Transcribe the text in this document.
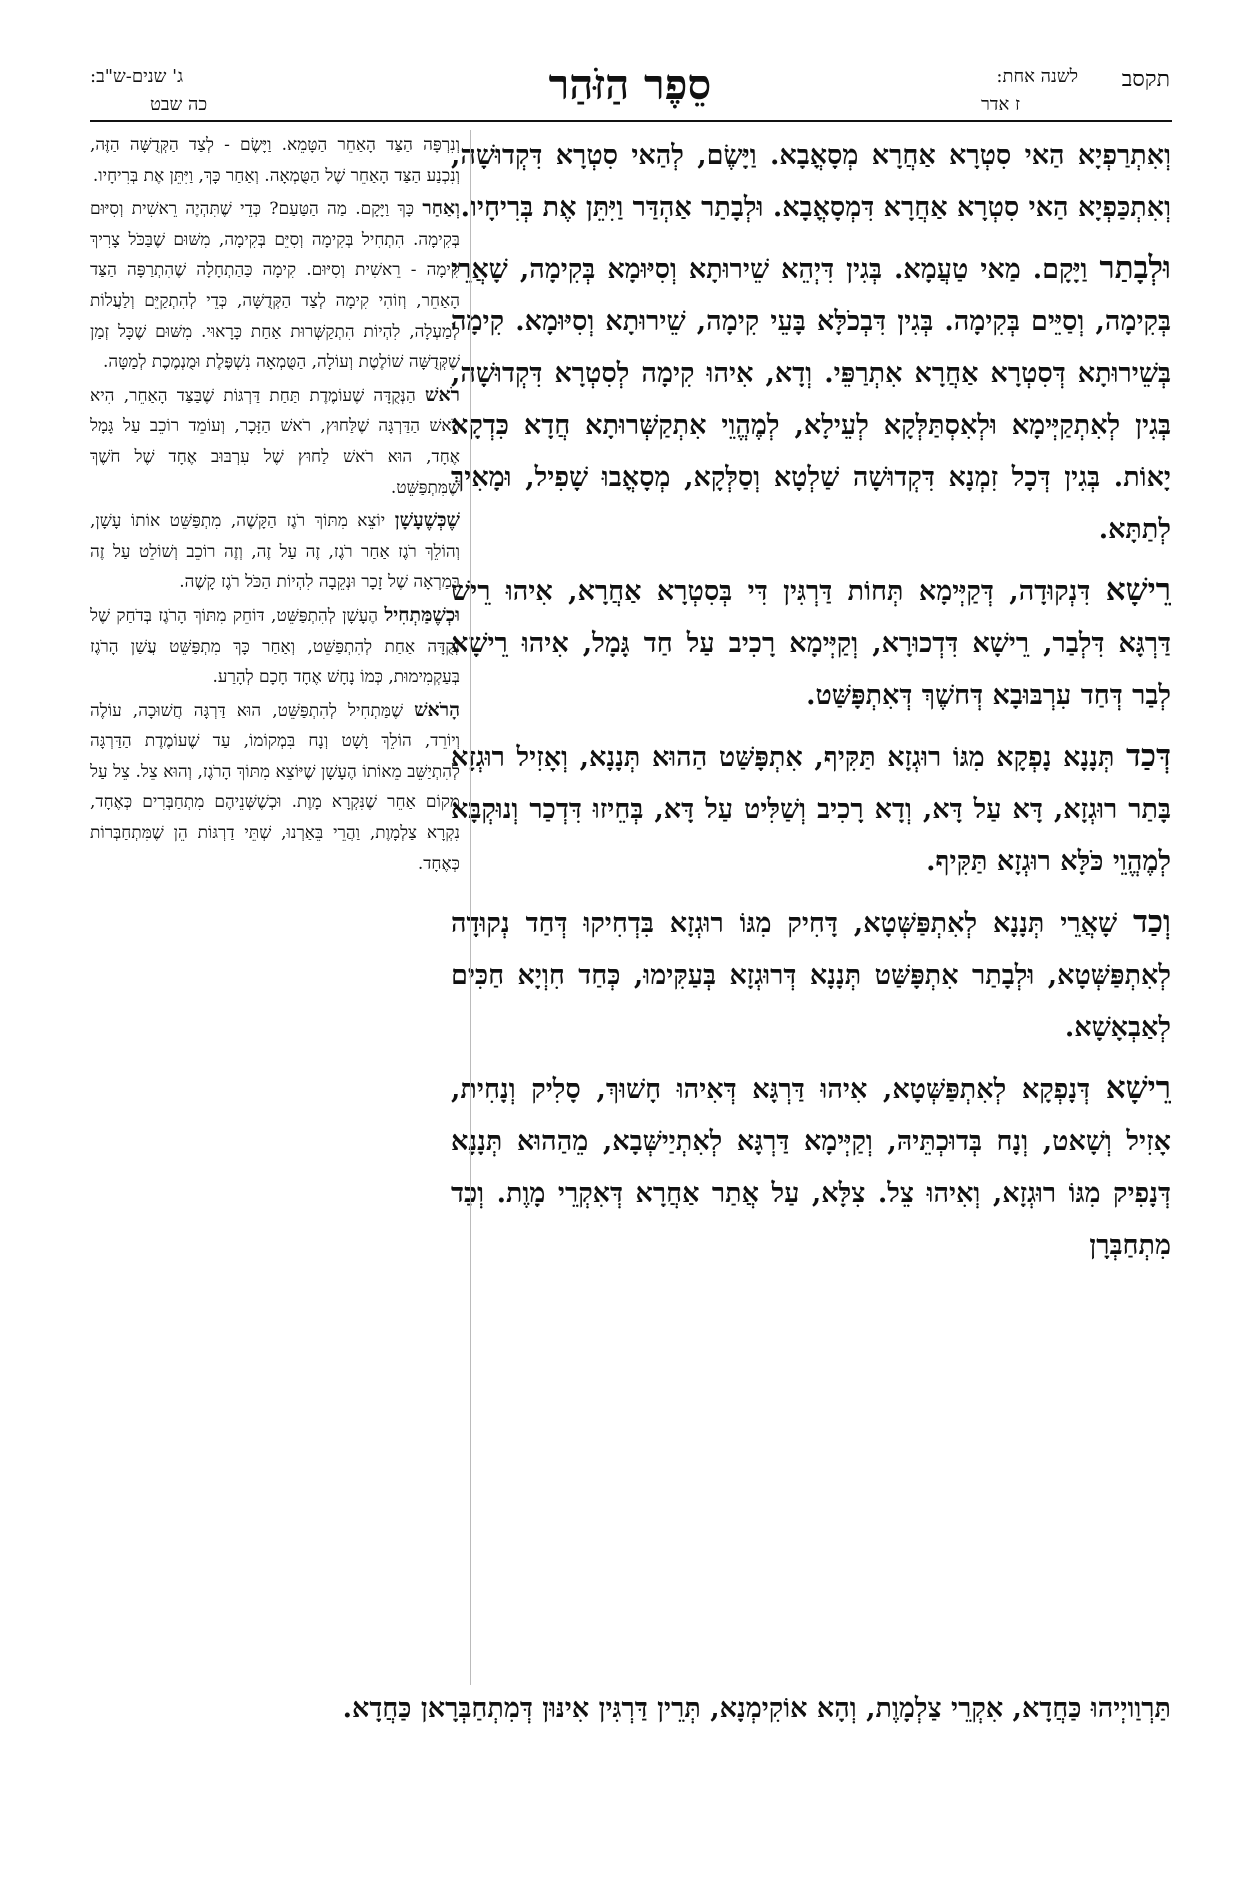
תקסב
לשנה אחת:
ז אדר
סֵפֶר הַזֹּהַר
ג' שנים-ש"ב:
כה שבט

וְאִתְרַפְיָא הַאי סִטְרָא אַחֲרָא מְסָאֳבָא. וַיָּשֶׂם, לְהַאי סִטְרָא דִּקְדוּשָׁה, וְאִתְכַּפְיָא הַאי סִטְרָא אַחֲרָא דִּמְסָאֳבָא. וּלְבָתַר אַהְדַּר וַיִּתֵּן אֶת בְּרִיחָיו.

וּלְבָתַר וַיָּקָם. מַאי טַעֲמָא. בְּגִין דִּיְהֵא שֵׁירוּתָא וְסִיּוּמָא בְּקִימָה, שָׁאֲרֵי בְּקִימָה, וְסַיֵּים בְּקִימָה. בְּגִין דִּבְכֹלָּא בָּעֵי קִימָה, שֵׁירוּתָא וְסִיּוּמָא. קִימָה בְּשֵׁירוּתָא דְּסִטְרָא אַחֲרָא אִתְרַפֵּי. וְדָא, אִיהוּ קִימָה לְסִטְרָא דִּקְדוּשָׁה, בְּגִין לְאִתְקַיְּימָא וּלְאִסְתַּלְּקָא לְעֵילָא, לְמֶהֱוֵי אִתְקַשְּׁרוּתָא חֲדָא כִּדְקָא יָאוֹת. בְּגִין דְּכָל זִמְנָא דִּקְדוּשָׁה שַׁלְטָא וְסַלְּקָא, מְסָאֳבוּ שָׁפִיל, וּמָאִיךְ לְתַתָּא.

רֵישָׁא דִּנְקוּדָה, דְּקַיְּימָא תְּחוֹת דַּרְגִּין דִּי בְּסִטְרָא אַחֲרָא, אִיהוּ רֵישׁ דַּרְגָּא דִּלְבַר, רֵישָׁא דִּדְכוּרָא, וְקַיְּימָא רָכִיב עַל חַד גָּמָל, אִיהוּ רֵישָׁא לְבַר דְּחַד עִרְבּוּבָא דְּחשֶׁךְ דְּאִתְפָּשַּׁט.

דְּכַד תְּנָנָא נָפְקָא מִגּוֹ רוּגְזָא תַּקִּיף, אִתְפָּשַּׁט הַהוּא תְּנָנָא, וְאָזִיל רוּגְזָא בָּתַר רוּגְזָא, דָּא עַל דָּא, וְדָא רָכִיב וְשַׁלִּיט עַל דָּא, בְּחֵיזוּ דִּדְכַר וְנוּקְבָּא לְמֶהֱוֵי כֹּלָּא רוּגְזָא תַּקִּיף.

וְכַד שָׁאֲרֵי תְּנָנָא לְאִתְפַּשְּׁטָא, דָּחִיק מִגּוֹ רוּגְזָא בִּדְחִיקוּ דְּחַד נְקוּדָה לְאִתְפַּשְּׁטָא, וּלְבָתַר אִתְפָּשַּׁט תְּנָנָא דְּרוּגְזָא בְּעַקִּימוּ, כְּחַד חִוְיָא חַכִּים לְאַבְאָשָׁא.

רֵישָׁא דְּנָפְקָא לְאִתְפַּשְּׁטָא, אִיהוּ דַּרְגָּא דְּאִיהוּ חָשׁוּךְ, סָלִיק וְנָחִית, אָזִיל וְשָׁאט, וְנָח בְּדוּכְתֵּיהּ, וְקַיְּימָא דַּרְגָּא לְאִתְיַישְּׁבָא, מֵהַהוּא תְּנָנָא דְּנָפִיק מִגּוֹ רוּגְזָא, וְאִיהוּ צֵל. צִלָּא, עַל אֲתַר אַחֲרָא דְּאִקְרֵי מָוֶת. וְכַד מִתְחַבְּרָן

וְנִרְפָּה הַצַּד הָאַחֵר הַטָּמֵא. וַיָּשֶׂם - לְצַד הַקְּדֻשָּׁה הַזֶּה, וְנִכְנַע הַצַּד הָאַחֵר שֶׁל הַטֻּמְאָה. וְאַחַר כָּךְ, וַיִּתֵּן אֶת בְּרִיחָיו.

וְאַחַר כָּךְ וַיָּקָם. מַה הַטַּעַם? כְּדֵי שֶׁתִּהְיֶה רֵאשִׁית וְסִיּוּם בְּקִימָה. הִתְחִיל בְּקִימָה וְסִיֵּם בְּקִימָה, מִשּׁוּם שֶׁבַּכֹּל צָרִיךְ קִימָה - רֵאשִׁית וְסִיּוּם. קִימָה כַּהַתְחָלָה שֶׁהִתְרַפָּה הַצַּד הָאַחֵר, וְזוֹהִי קִימָה לְצַד הַקְּדֻשָּׁה, כְּדֵי לְהִתְקַיֵּם וְלַעֲלוֹת לְמַעְלָה, לִהְיוֹת הִתְקַשְּׁרוּת אַחַת כָּרָאוּי. מִשּׁוּם שֶׁכָּל זְמַן שֶׁקְּדֻשָּׁה שׁוֹלֶטֶת וְעוֹלָה, הַטֻּמְאָה נִשְׁפֶּלֶת וּמֻנְמֶכֶת לְמַטָּה.

רֹאשׁ הַנְּקֻדָּה שֶׁעוֹמֶדֶת תַּחַת דַּרְגּוֹת שֶׁבַּצַּד הָאַחֵר, הִיא רֹאשׁ הַדַּרְגָּה שֶׁלַּחוּץ, רֹאשׁ הַזָּכָר, וְעוֹמֵד רוֹכֵב עַל גָּמָל אֶחָד, הוּא רֹאשׁ לַחוּץ שֶׁל עִרְבּוּב אֶחָד שֶׁל חֹשֶׁךְ שֶׁמִּתְפַּשֵּׁט.

שֶׁכְּשֶׁעָשָׁן יוֹצֵא מִתּוֹךְ רֹגֶז הַקָּשֶׁה, מִתְפַּשֵּׁט אוֹתוֹ עָשָׁן, וְהוֹלֵךְ רֹגֶז אַחַר רֹגֶז, זֶה עַל זֶה, וְזֶה רוֹכֵב וְשׁוֹלֵט עַל זֶה בְּמַרְאָה שֶׁל זָכָר וּנְקֵבָה לִהְיוֹת הַכֹּל רֹגֶז קָשֶׁה.

וּכְשֶׁמַּתְחִיל הֶעָשָׁן לְהִתְפַּשֵּׁט, דּוֹחֵק מִתּוֹךְ הָרֹגֶז בְּדֹחַק שֶׁל נְקֻדָּה אַחַת לְהִתְפַּשֵּׁט, וְאַחַר כָּךְ מִתְפַּשֵּׁט עֲשַׁן הָרֹגֶז בְּעַקְמִימוּת, כְּמוֹ נָחָשׁ אֶחָד חָכָם לְהָרַע.

הָרֹאשׁ שֶׁמַּתְחִיל לְהִתְפַּשֵּׁט, הוּא דַּרְגָּה חֲשׁוּכָה, עוֹלֶה וְיוֹרֵד, הוֹלֵךְ וָשָׁט וְנָח בִּמְקוֹמוֹ, עַד שֶׁעוֹמֶדֶת הַדַּרְגָּה לְהִתְיַשֵּׁב מֵאוֹתוֹ הֶעָשָׁן שֶׁיּוֹצֵא מִתּוֹךְ הָרֹגֶז, וְהוּא צֵל. צֵל עַל מָקוֹם אַחֵר שֶׁנִּקְרָא מָוֶת. וּכְשֶׁשְּׁנֵיהֶם מִתְחַבְּרִים כְּאֶחָד, נִקְרָא צַלְמָוֶת, וַהֲרֵי בֵּאַרְנוּ, שְׁתֵּי דַרְגּוֹת הֵן שֶׁמִּתְחַבְּרוֹת כְּאֶחָד.

תַּרְוַויְיהוּ כַּחֲדָא, אִקְרֵי צַלְמָוֶת, וְהָא אוֹקִימְנָא, תְּרֵין דַּרְגִּין אִינּוּן דְּמִתְחַבְּרָאן כַּחֲדָא.
